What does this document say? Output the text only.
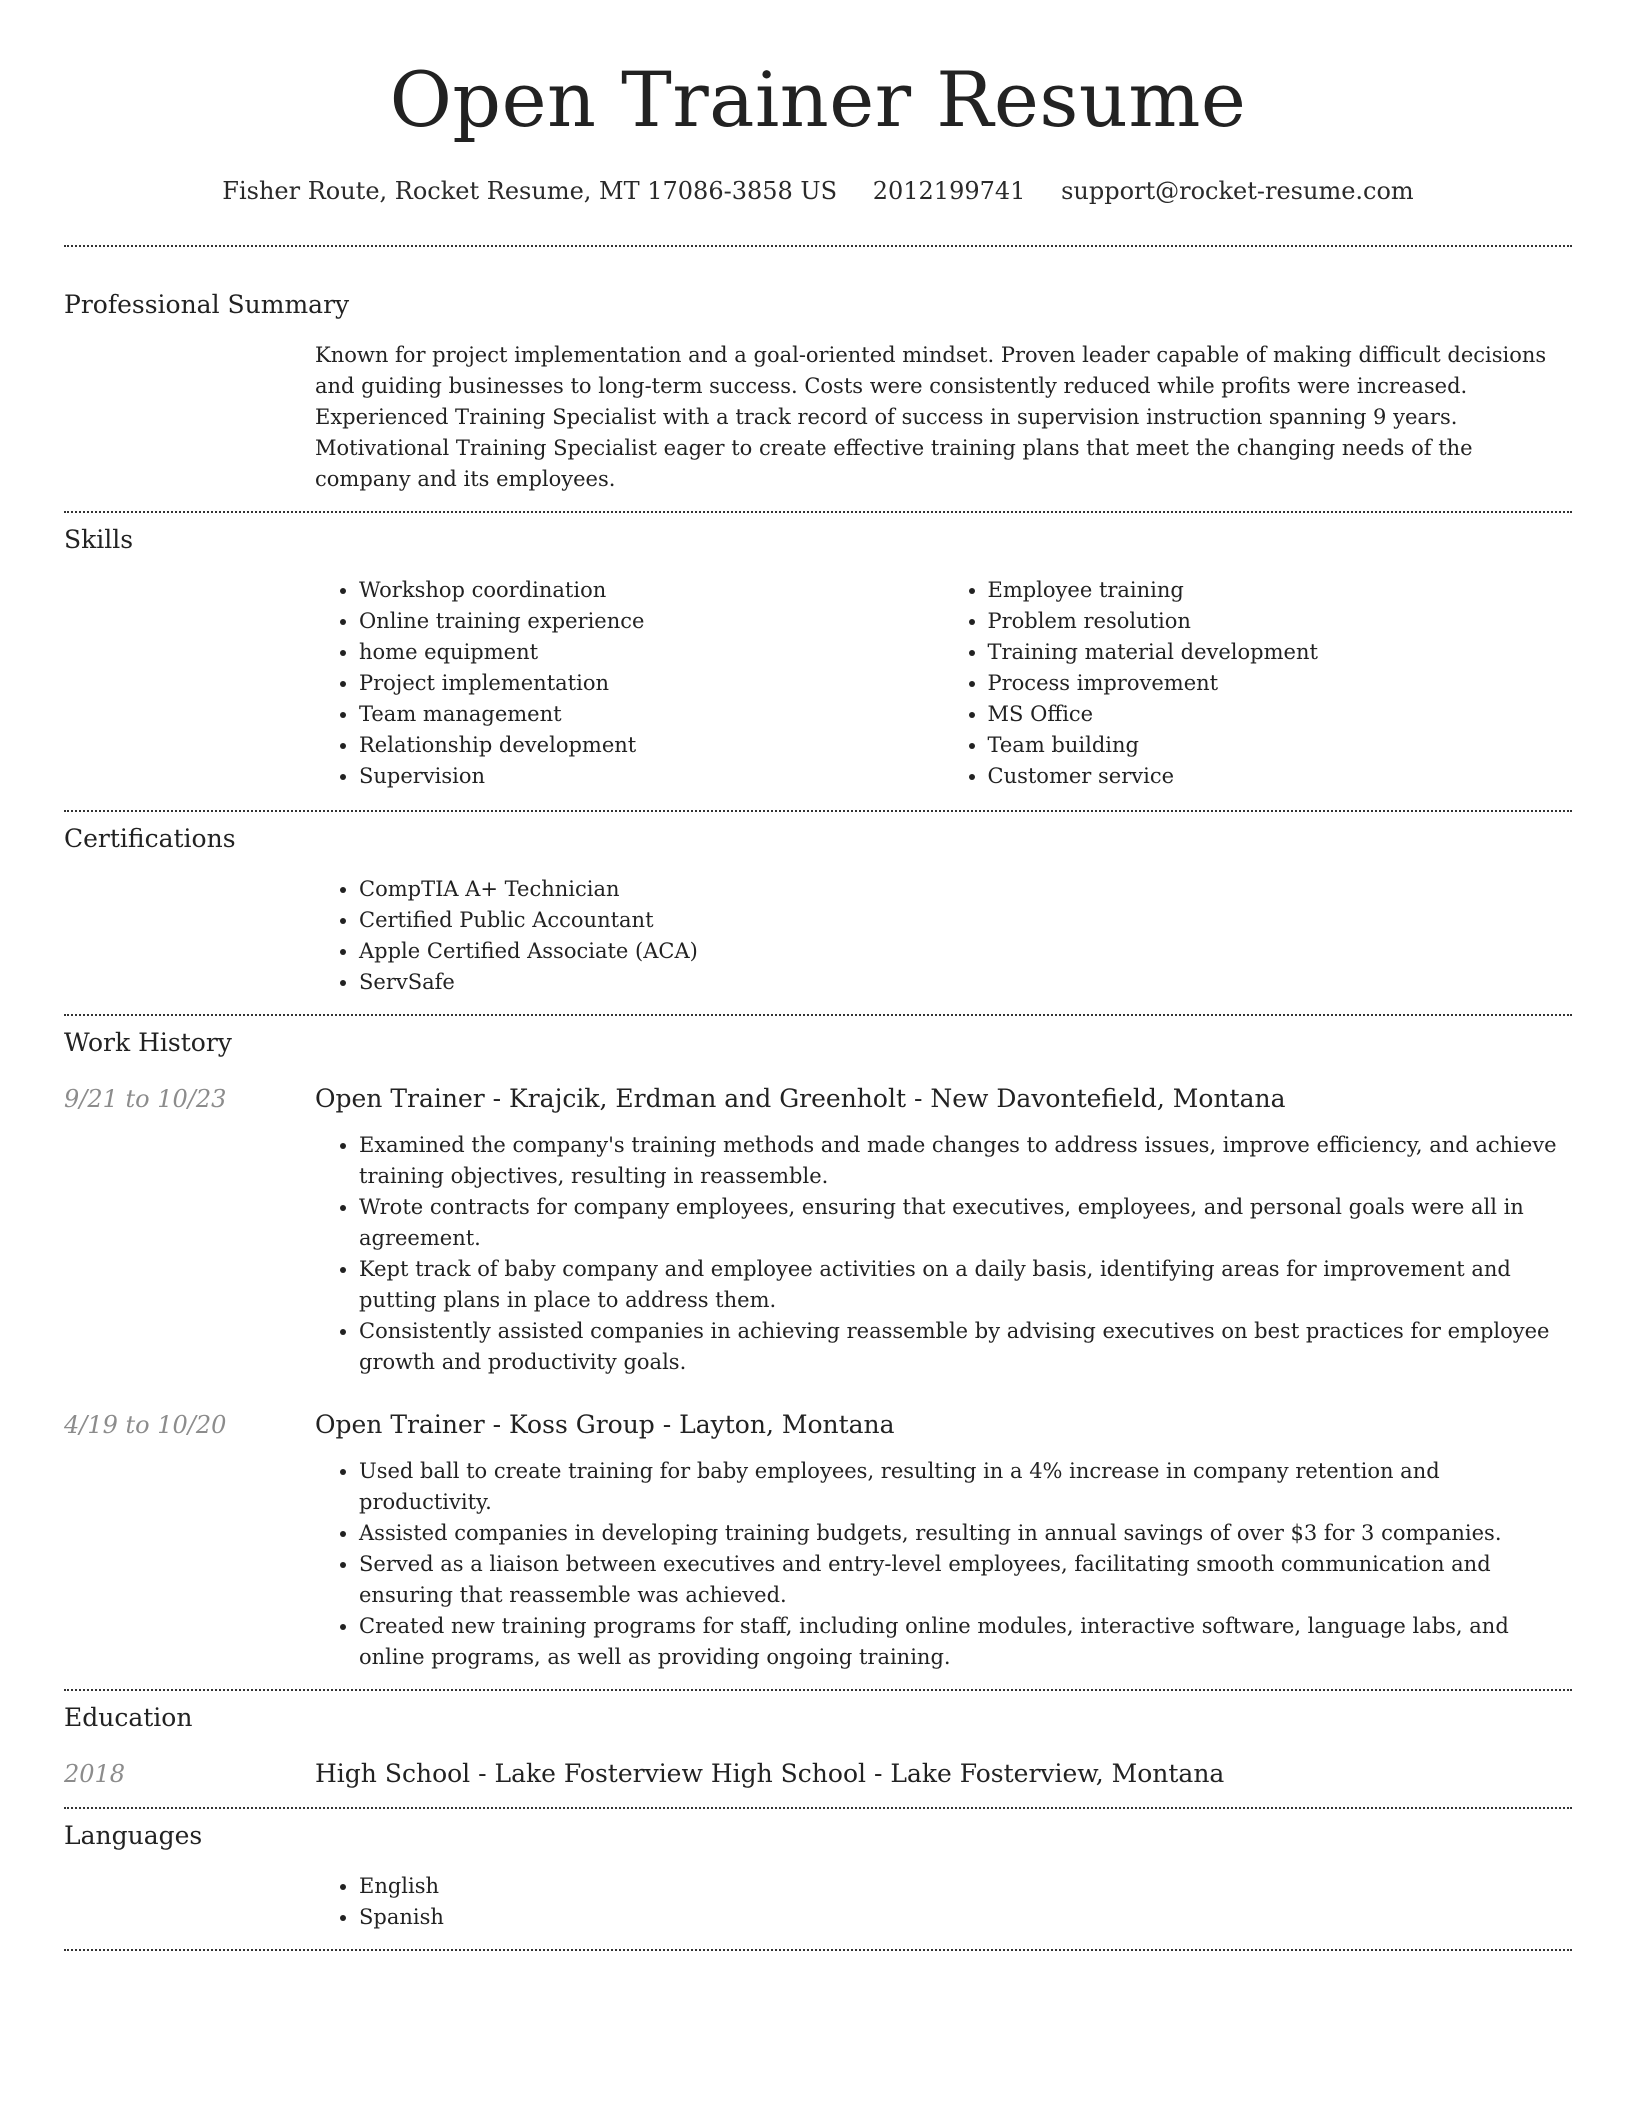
Open Trainer Resume
Fisher Route, Rocket Resume, MT 17086-3858 US 2012199741 support@rocket-resume.com
Professional Summary

Known for project implementation and a goal-oriented mindset. Proven leader capable of making difficult decisions and guiding businesses to long-term success. Costs were consistently reduced while profits were increased. Experienced Training Specialist with a track record of success in supervision instruction spanning 9 years. Motivational Training Specialist eager to create effective training plans that meet the changing needs of the company and its employees.

Skills
• Workshop coordination
• Online training experience
• home equipment
• Project implementation
• Team management
• Relationship development
• Supervision
• Employee training
• Problem resolution
• Training material development
• Process improvement
• MS Office
• Team building
• Customer service
Certifications
• CompTIA A+ Technician
• Certified Public Accountant
• Apple Certified Associate (ACA)
• ServSafe
Work History
9/21 to 10/23	Open Trainer - Krajcik, Erdman and Greenholt - New Davontefield, Montana
• Examined the company's training methods and made changes to address issues, improve efficiency, and achieve training objectives, resulting in reassemble.
• Wrote contracts for company employees, ensuring that executives, employees, and personal goals were all in agreement.
• Kept track of baby company and employee activities on a daily basis, identifying areas for improvement and putting plans in place to address them.
• Consistently assisted companies in achieving reassemble by advising executives on best practices for employee growth and productivity goals.
4/19 to 10/20	Open Trainer - Koss Group - Layton, Montana
• Used ball to create training for baby employees, resulting in a 4% increase in company retention and productivity.
• Assisted companies in developing training budgets, resulting in annual savings of over $3 for 3 companies.
• Served as a liaison between executives and entry-level employees, facilitating smooth communication and ensuring that reassemble was achieved.
• Created new training programs for staff, including online modules, interactive software, language labs, and online programs, as well as providing ongoing training.
Education
2018	High School - Lake Fosterview High School - Lake Fosterview, Montana
Languages
• English
• Spanish
